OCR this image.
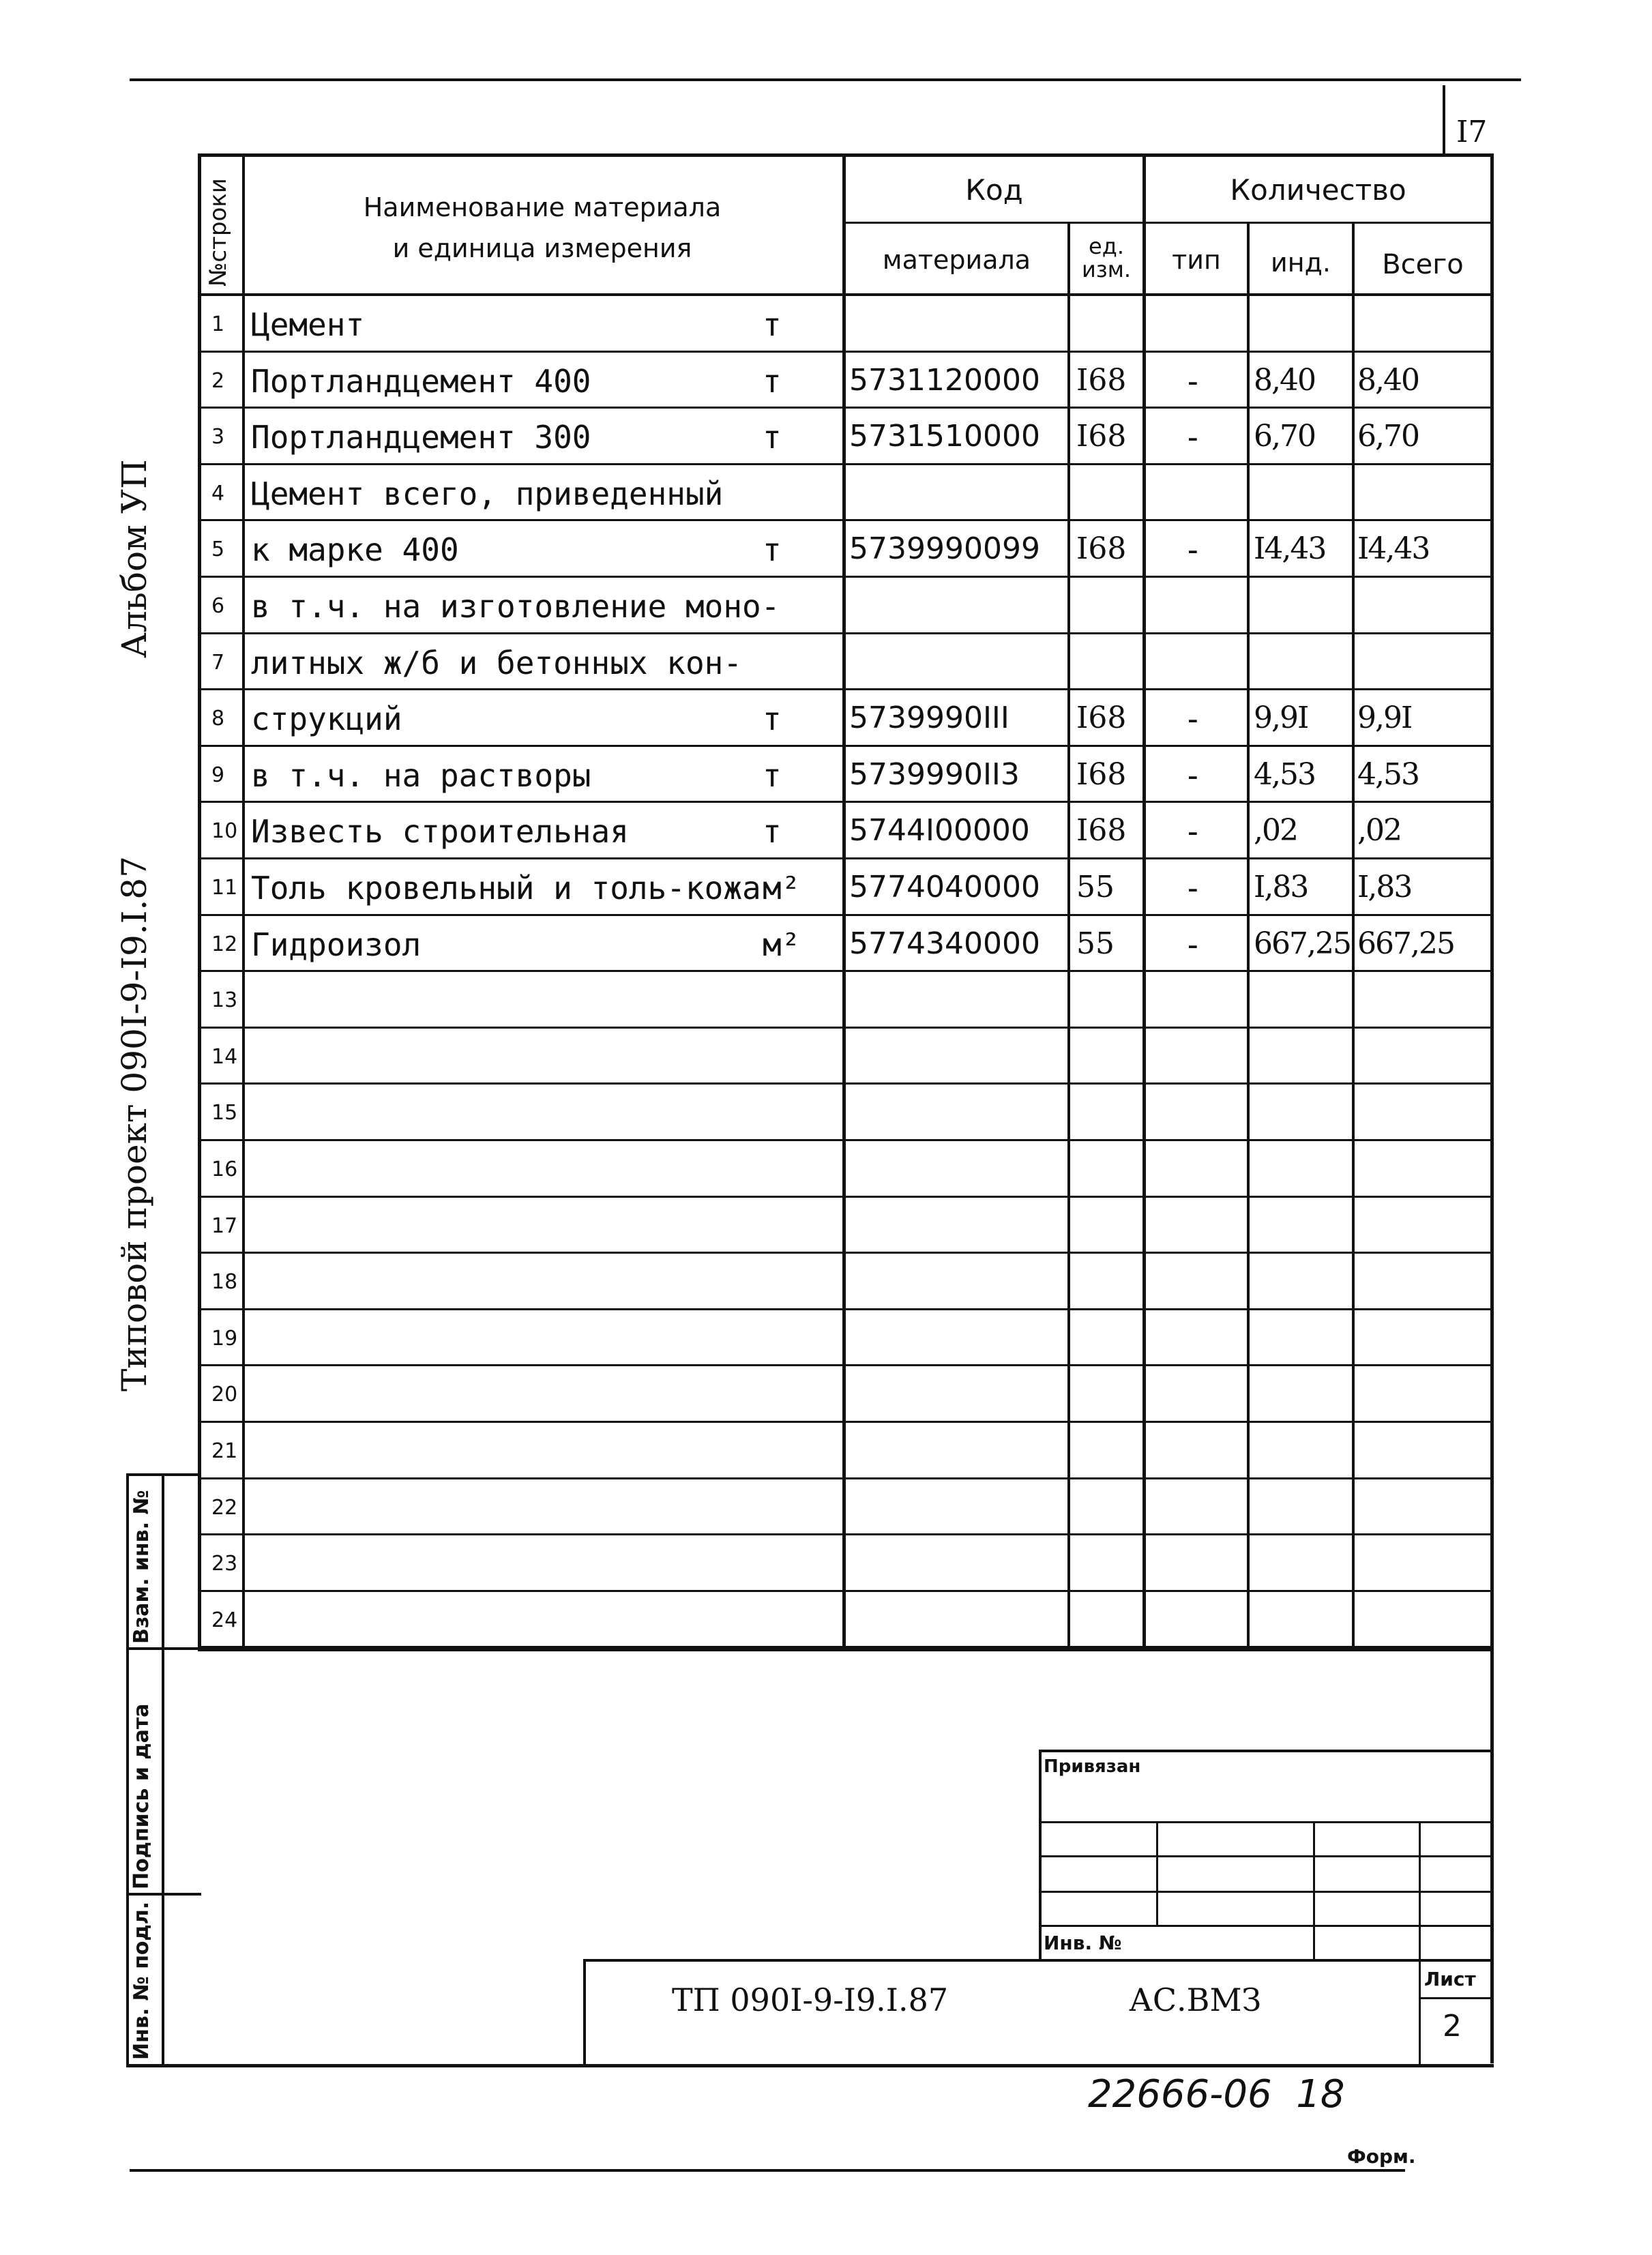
I7
№строки	Наименование материала
и единица измерения
Код
материала	ед. изм.
Количество
тип	инд.	Всего
1 Цемент	т
2 Портландцемент 400	т 5731120000 I68 - 8,40 8,40
3 Портландцемент 300	т 5731510000 I68 - 6,70 6,70
4 Цемент всего, приведенный
5 к марке 400	т 5739990099 I68 - I4,43 I4,43
6 в т.ч. на изготовление моно-
7 литных ж/б и бетонных кон-
8 струкций	т 5739990III I68 - 9,9I 9,9I
9 в т.ч. на растворы	т 5739990II3 I68 - 4,53 4,53
10 Известь строительная	т 5744I00000 I68 - ,02 ,02
11 Толь кровельный и толь-кожа м² 5774040000 55 - I,83 I,83
12 Гидроизол	м² 5774340000 55 - 667,25 667,25
13
14
15
16
17
18
19
20
21
22
23
24
Альбом УП
Типовой проект 090I-9-I9.I.87
Взам. инв. №
Подпись и дата
Инв. № подл.
Привязан
Инв. №
ТП 090I-9-I9.I.87	АС.ВМЗ
Лист
2
22666-06  18
Форм.
